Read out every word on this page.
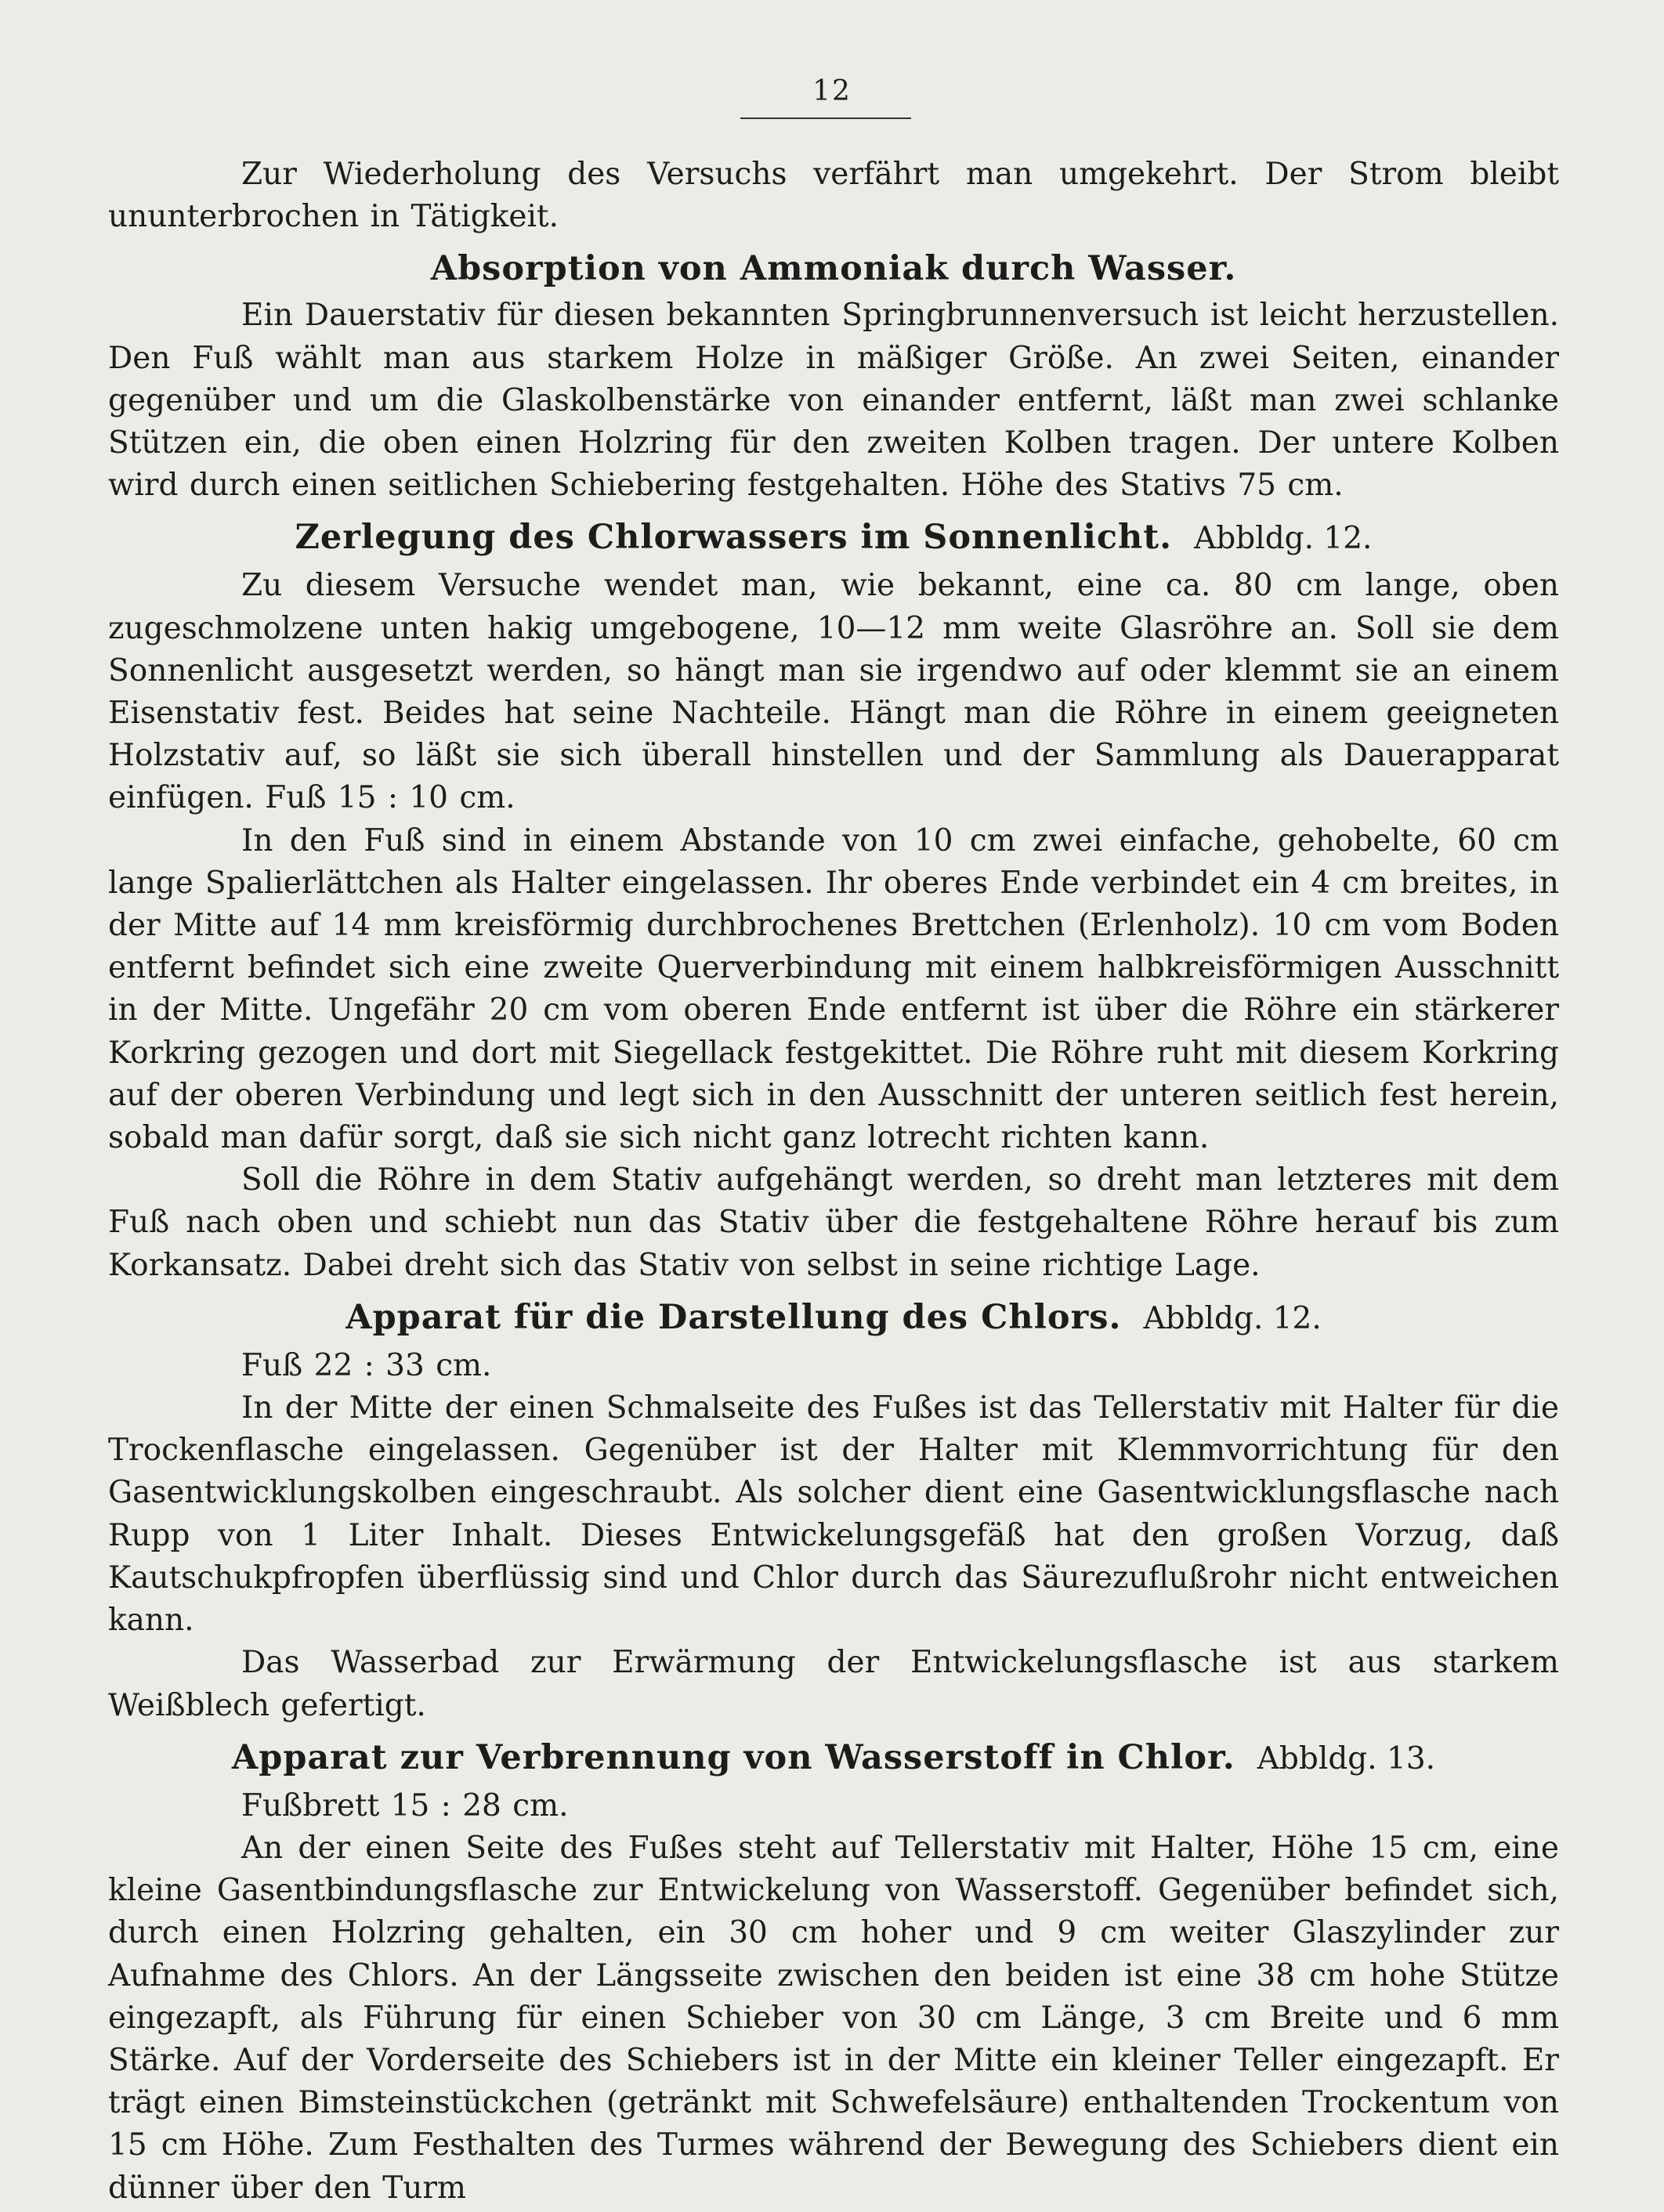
12

Zur Wiederholung des Versuchs verfährt man umgekehrt. Der Strom bleibt ununterbrochen in Tätigkeit.

Absorption von Ammoniak durch Wasser.

Ein Dauerstativ für diesen bekannten Springbrunnenversuch ist leicht herzustellen. Den Fuß wählt man aus starkem Holze in mäßiger Größe. An zwei Seiten, einander gegenüber und um die Glaskolbenstärke von einander entfernt, läßt man zwei schlanke Stützen ein, die oben einen Holzring für den zweiten Kolben tragen. Der untere Kolben wird durch einen seitlichen Schiebering festgehalten. Höhe des Stativs 75 cm.

Zerlegung des Chlorwassers im Sonnenlicht. Abbldg. 12.

Zu diesem Versuche wendet man, wie bekannt, eine ca. 80 cm lange, oben zugeschmolzene unten hakig umgebogene, 10—12 mm weite Glasröhre an. Soll sie dem Sonnenlicht ausgesetzt werden, so hängt man sie irgendwo auf oder klemmt sie an einem Eisenstativ fest. Beides hat seine Nachteile. Hängt man die Röhre in einem geeigneten Holzstativ auf, so läßt sie sich überall hinstellen und der Sammlung als Dauerapparat einfügen. Fuß 15 : 10 cm.

In den Fuß sind in einem Abstande von 10 cm zwei einfache, gehobelte, 60 cm lange Spalierlättchen als Halter eingelassen. Ihr oberes Ende verbindet ein 4 cm breites, in der Mitte auf 14 mm kreisförmig durchbrochenes Brettchen (Erlenholz). 10 cm vom Boden entfernt befindet sich eine zweite Querverbindung mit einem halbkreisförmigen Ausschnitt in der Mitte. Ungefähr 20 cm vom oberen Ende entfernt ist über die Röhre ein stärkerer Korkring gezogen und dort mit Siegellack festgekittet. Die Röhre ruht mit diesem Korkring auf der oberen Verbindung und legt sich in den Ausschnitt der unteren seitlich fest herein, sobald man dafür sorgt, daß sie sich nicht ganz lotrecht richten kann.

Soll die Röhre in dem Stativ aufgehängt werden, so dreht man letzteres mit dem Fuß nach oben und schiebt nun das Stativ über die festgehaltene Röhre herauf bis zum Korkansatz. Dabei dreht sich das Stativ von selbst in seine richtige Lage.

Apparat für die Darstellung des Chlors. Abbldg. 12.

Fuß 22 : 33 cm.

In der Mitte der einen Schmalseite des Fußes ist das Tellerstativ mit Halter für die Trockenflasche eingelassen. Gegenüber ist der Halter mit Klemmvorrichtung für den Gasentwicklungskolben eingeschraubt. Als solcher dient eine Gasentwicklungsflasche nach Rupp von 1 Liter Inhalt. Dieses Entwickelungsgefäß hat den großen Vorzug, daß Kautschukpfropfen überflüssig sind und Chlor durch das Säurezuflußrohr nicht entweichen kann.

Das Wasserbad zur Erwärmung der Entwickelungsflasche ist aus starkem Weißblech gefertigt.

Apparat zur Verbrennung von Wasserstoff in Chlor. Abbldg. 13.

Fußbrett 15 : 28 cm.

An der einen Seite des Fußes steht auf Tellerstativ mit Halter, Höhe 15 cm, eine kleine Gasentbindungsflasche zur Entwickelung von Wasserstoff. Gegenüber befindet sich, durch einen Holzring gehalten, ein 30 cm hoher und 9 cm weiter Glaszylinder zur Aufnahme des Chlors. An der Längsseite zwischen den beiden ist eine 38 cm hohe Stütze eingezapft, als Führung für einen Schieber von 30 cm Länge, 3 cm Breite und 6 mm Stärke. Auf der Vorderseite des Schiebers ist in der Mitte ein kleiner Teller eingezapft. Er trägt einen Bimsteinstückchen (getränkt mit Schwefelsäure) enthaltenden Trockentum von 15 cm Höhe. Zum Festhalten des Turmes während der Bewegung des Schiebers dient ein dünner über den Turm
